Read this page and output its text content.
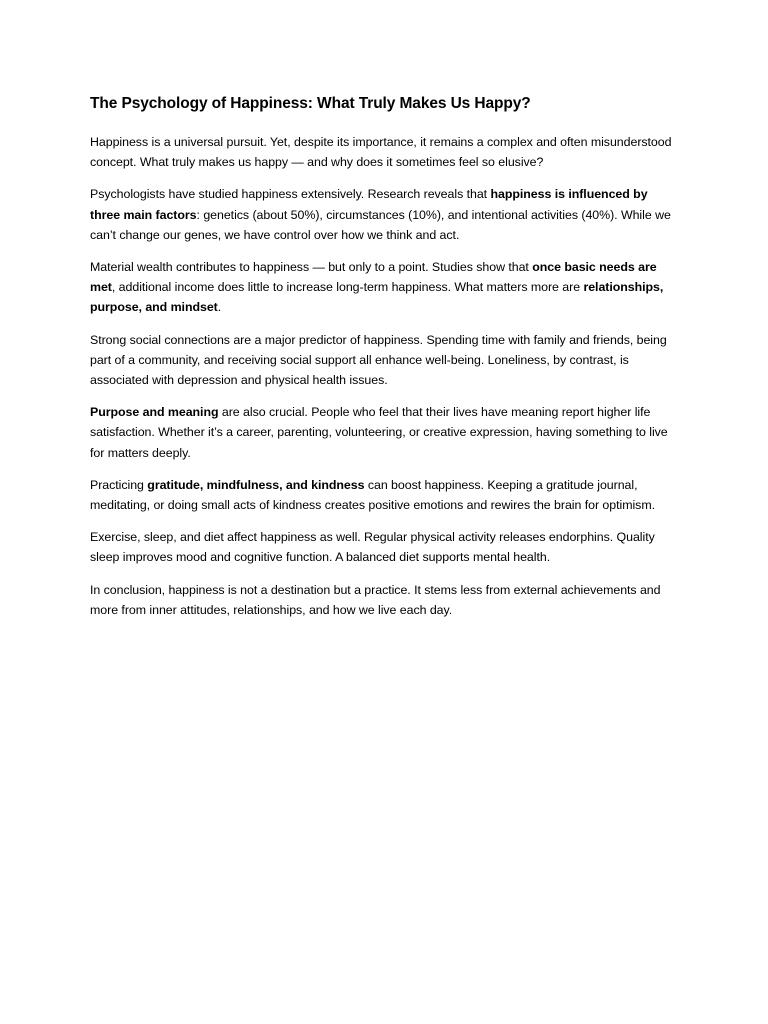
The Psychology of Happiness: What Truly Makes Us Happy?

Happiness is a universal pursuit. Yet, despite its importance, it remains a complex and often misunderstood concept. What truly makes us happy — and why does it sometimes feel so elusive?

Psychologists have studied happiness extensively. Research reveals that happiness is influenced by three main factors: genetics (about 50%), circumstances (10%), and intentional activities (40%). While we can’t change our genes, we have control over how we think and act.

Material wealth contributes to happiness — but only to a point. Studies show that once basic needs are met, additional income does little to increase long-term happiness. What matters more are relationships, purpose, and mindset.

Strong social connections are a major predictor of happiness. Spending time with family and friends, being part of a community, and receiving social support all enhance well-being. Loneliness, by contrast, is associated with depression and physical health issues.

Purpose and meaning are also crucial. People who feel that their lives have meaning report higher life satisfaction. Whether it’s a career, parenting, volunteering, or creative expression, having something to live for matters deeply.

Practicing gratitude, mindfulness, and kindness can boost happiness. Keeping a gratitude journal, meditating, or doing small acts of kindness creates positive emotions and rewires the brain for optimism.

Exercise, sleep, and diet affect happiness as well. Regular physical activity releases endorphins. Quality sleep improves mood and cognitive function. A balanced diet supports mental health.

In conclusion, happiness is not a destination but a practice. It stems less from external achievements and more from inner attitudes, relationships, and how we live each day.
